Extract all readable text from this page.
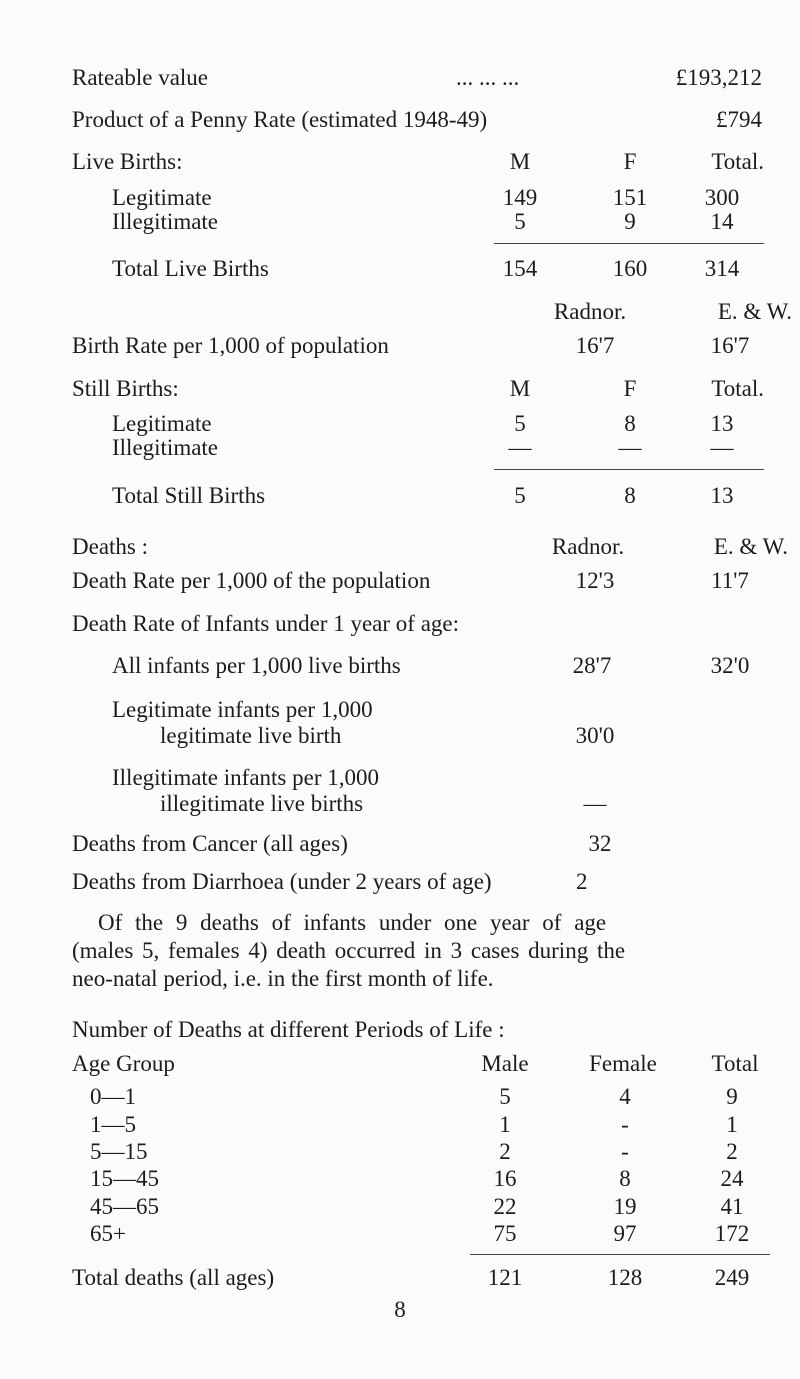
Rateable value	... ... ...	£193,212
Product of a Penny Rate (estimated 1948-49)	£794
Live Births:	M	F	Total.
Legitimate	149	151	300
Illegitimate	5	9	14
Total Live Births	154	160	314
Radnor.	E. & W.
Birth Rate per 1,000 of population	16'7	16'7
Still Births:	M	F	Total.
Legitimate	5	8	13
Illegitimate	—	—	—
Total Still Births	5	8	13
Deaths :	Radnor.	E. & W.
Death Rate per 1,000 of the population	12'3	11'7
Death Rate of Infants under 1 year of age:
All infants per 1,000 live births	28'7	32'0
Legitimate infants per 1,000
legitimate live birth	30'0
Illegitimate infants per 1,000
illegitimate live births	—
Deaths from Cancer (all ages)	32
Deaths from Diarrhoea (under 2 years of age)	2
Of the 9 deaths of infants under one year of age
(males 5, females 4) death occurred in 3 cases during the
neo-natal period, i.e. in the first month of life.
Number of Deaths at different Periods of Life :
Age Group	Male	Female	Total
0—1	5	4	9
1—5	1	-	1
5—15	2	-	2
15—45	16	8	24
45—65	22	19	41
65+	75	97	172
Total deaths (all ages)	121	128	249
8
